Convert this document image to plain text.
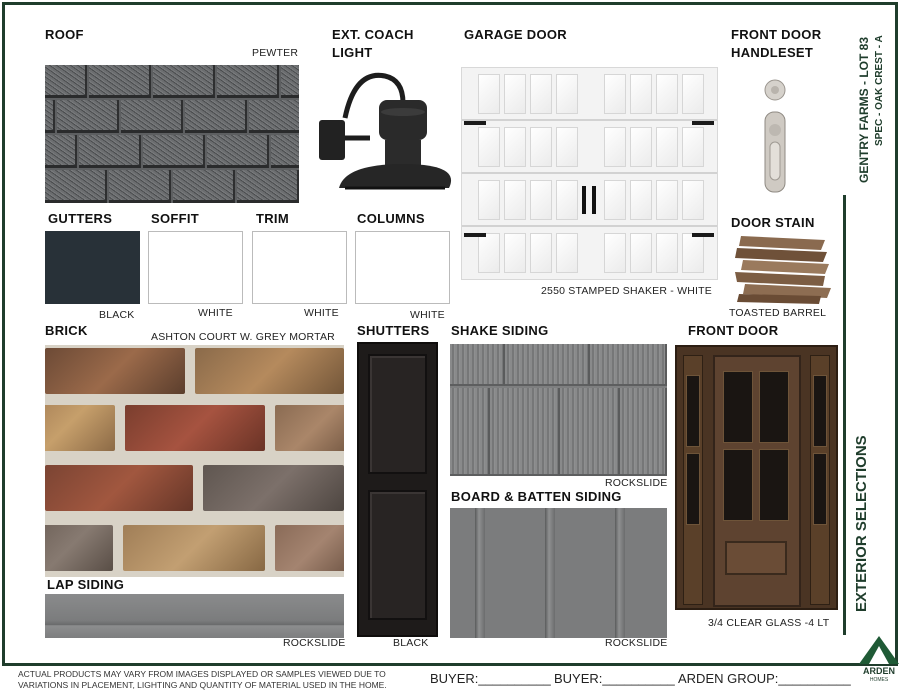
ROOF
PEWTER
EXT. COACH
LIGHT
GARAGE DOOR
2550 STAMPED SHAKER - WHITE
FRONT DOOR
HANDLESET
DOOR STAIN
TOASTED BARREL
GUTTERS
BLACK
SOFFIT
WHITE
TRIM
WHITE
COLUMNS
WHITE
BRICK	ASHTON COURT W. GREY MORTAR
LAP SIDING
ROCKSLIDE
SHUTTERS
BLACK
SHAKE SIDING
ROCKSLIDE
BOARD & BATTEN SIDING
ROCKSLIDE
FRONT DOOR
3/4 CLEAR GLASS -4 LT
GENTRY FARMS - LOT 83 SPEC - OAK CREST - A
EXTERIOR SELECTIONS
ACTUAL PRODUCTS MAY VARY FROM IMAGES DISPLAYED OR SAMPLES VIEWED DUE TO VARIATIONS IN PLACEMENT, LIGHTING AND QUANTITY OF MATERIAL USED IN THE HOME.	BUYER:__________ BUYER:__________ ARDEN GROUP:__________	ARDEN
HOMES
